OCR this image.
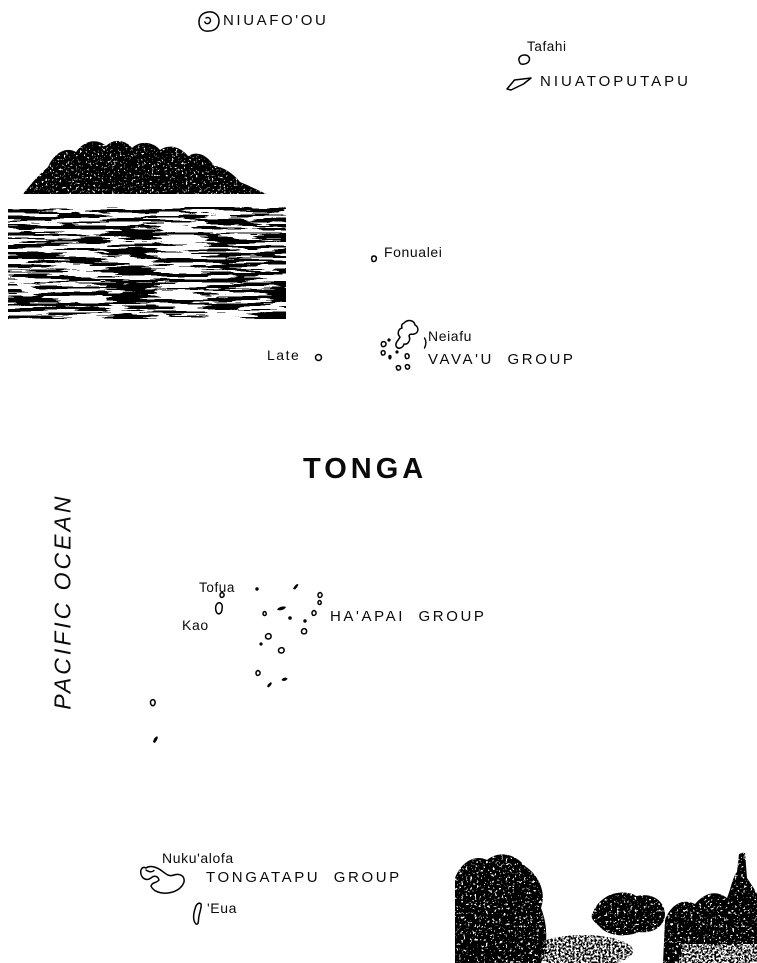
NIUAFO'OU
Tafahi
NIUATOPUTAPU
Fonualei
Late
Neiafu
VAVA'U  GROUP
TONGA
PACIFIC OCEAN	Tofua
Kao	HA'APAI  GROUP
Nuku'alofa
TONGATAPU  GROUP
'Eua
